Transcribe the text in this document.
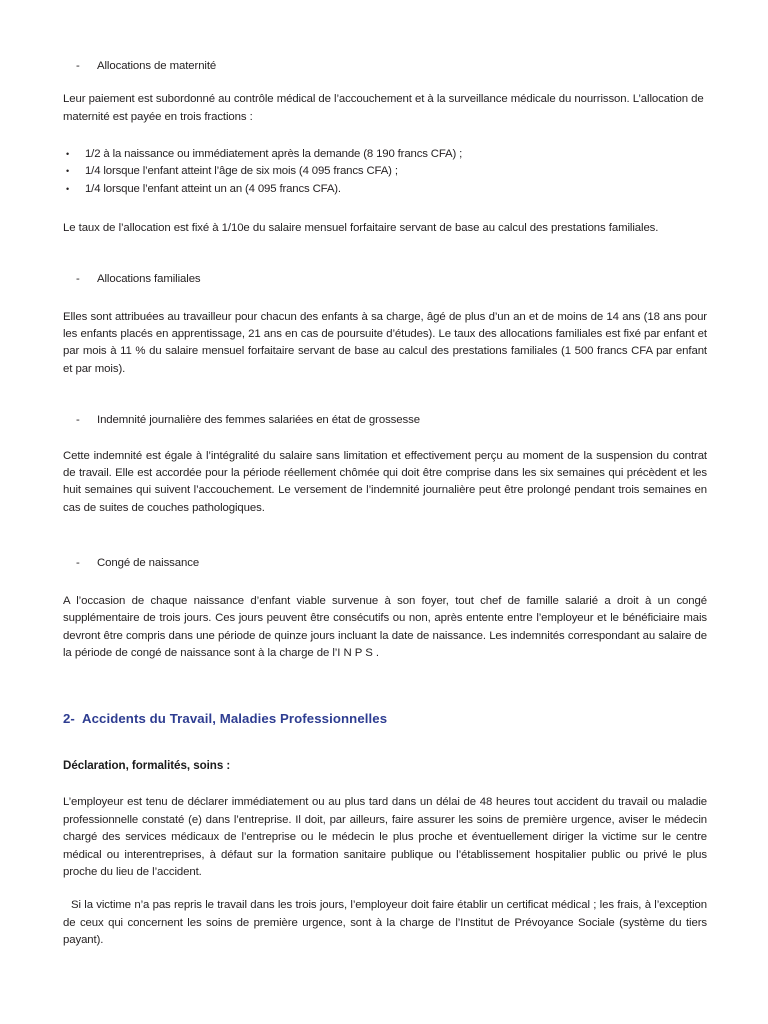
-	Allocations de maternité

Leur paiement est subordonné au contrôle médical de l’accouchement et à la surveillance médicale du nourrisson. L’allocation de maternité est payée en trois fractions :

•	1/2 à la naissance ou immédiatement après la demande (8 190 francs CFA) ;
•	1/4 lorsque l’enfant atteint l’âge de six mois (4 095 francs CFA) ;
•	1/4 lorsque l’enfant atteint un an (4 095 francs CFA).

Le taux de l’allocation est fixé à 1/10e du salaire mensuel forfaitaire servant de base au calcul des prestations familiales.

-	Allocations familiales

Elles sont attribuées au travailleur pour chacun des enfants à sa charge, âgé de plus d’un an et de moins de 14 ans (18 ans pour les enfants placés en apprentissage, 21 ans en cas de poursuite d’études). Le taux des allocations familiales est fixé par enfant et par mois à 11 % du salaire mensuel forfaitaire servant de base au calcul des prestations familiales (1 500 francs CFA par enfant et par mois).

-	Indemnité journalière des femmes salariées en état de grossesse

Cette indemnité est égale à l’intégralité du salaire sans limitation et effectivement perçu au moment de la suspension du contrat de travail. Elle est accordée pour la période réellement chômée qui doit être comprise dans les six semaines qui précèdent et les huit semaines qui suivent l’accouchement. Le versement de l’indemnité journalière peut être prolongé pendant trois semaines en cas de suites de couches pathologiques.

-	Congé de naissance

A l’occasion de chaque naissance d’enfant viable survenue à son foyer, tout chef de famille salarié a droit à un congé supplémentaire de trois jours. Ces jours peuvent être consécutifs ou non, après entente entre l’employeur et le bénéficiaire mais devront être compris dans une période de quinze jours incluant la date de naissance. Les indemnités correspondant au salaire de la période de congé de naissance sont à la charge de l’I N P S .

2-  Accidents du Travail, Maladies Professionnelles
Déclaration, formalités, soins :

L’employeur est tenu de déclarer immédiatement ou au plus tard dans un délai de 48 heures tout accident du travail ou maladie professionnelle constaté (e) dans l’entreprise. Il doit, par ailleurs, faire assurer les soins de première urgence, aviser le médecin chargé des services médicaux de l’entreprise ou le médecin le plus proche et éventuellement diriger la victime sur le centre médical ou interentreprises, à défaut sur la formation sanitaire publique ou l’établissement hospitalier public ou privé le plus proche du lieu de l’accident.

Si la victime n’a pas repris le travail dans les trois jours, l’employeur doit faire établir un certificat médical ; les frais, à l’exception de ceux qui concernent les soins de première urgence, sont à la charge de l’Institut de Prévoyance Sociale (système du tiers payant).
